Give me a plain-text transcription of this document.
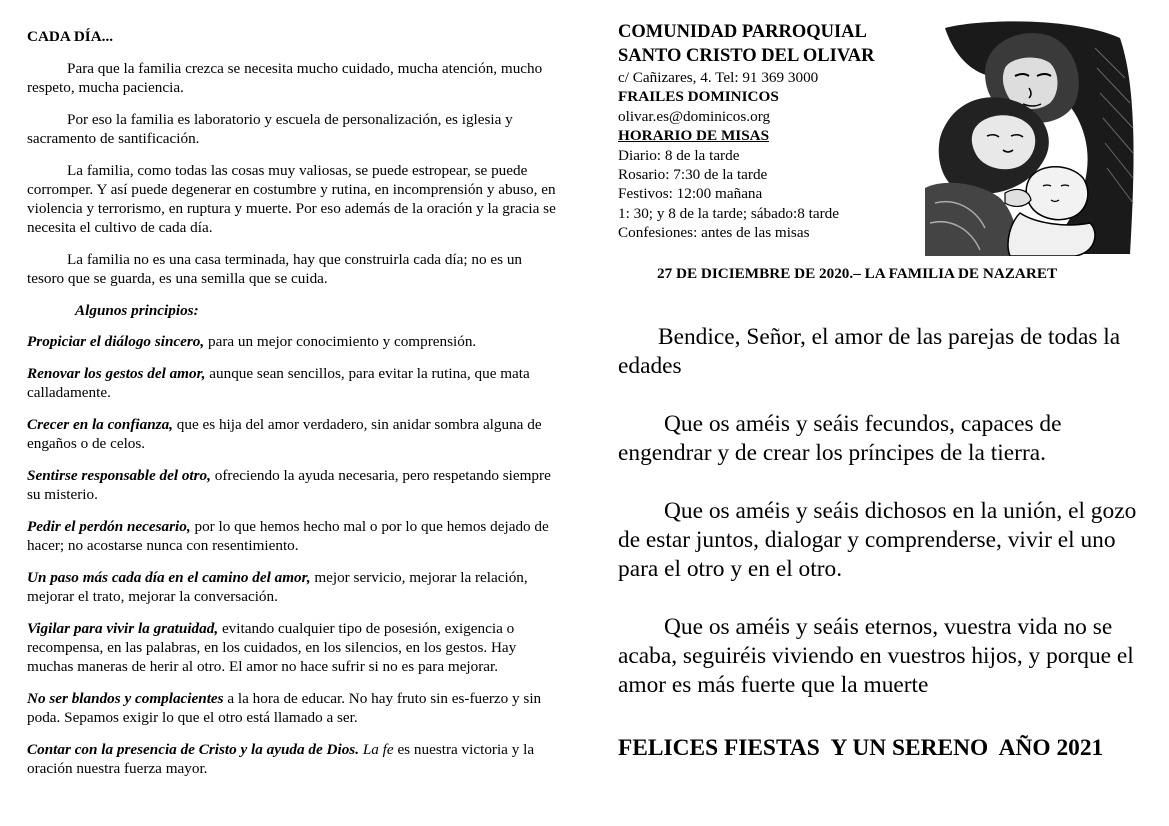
CADA DÍA...

Para que la familia crezca se necesita mucho cuidado, mucha atención, mucho respeto, mucha paciencia.

Por eso la familia es laboratorio y escuela de personalización, es iglesia y sacramento de santificación.

La familia, como todas las cosas muy valiosas, se puede estropear, se puede corromper. Y así puede degenerar en costumbre y rutina, en incomprensión y abuso, en violencia y terrorismo, en ruptura y muerte. Por eso además de la oración y la gracia se necesita el cultivo de cada día.

La familia no es una casa terminada, hay que construirla cada día; no es un tesoro que se guarda, es una semilla que se cuida.

Algunos principios:

Propiciar el diálogo sincero, para un mejor conocimiento y comprensión.

Renovar los gestos del amor, aunque sean sencillos, para evitar la rutina, que mata calladamente.

Crecer en la confianza, que es hija del amor verdadero, sin anidar sombra alguna de engaños o de celos.

Sentirse responsable del otro, ofreciendo la ayuda necesaria, pero respetando siempre su misterio.

Pedir el perdón necesario, por lo que hemos hecho mal o por lo que hemos dejado de hacer; no acostarse nunca con resentimiento.

Un paso más cada día en el camino del amor, mejor servicio, mejorar la relación, mejorar el trato, mejorar la conversación.

Vigilar para vivir la gratuidad, evitando cualquier tipo de posesión, exigencia o recompensa, en las palabras, en los cuidados, en los silencios, en los gestos. Hay muchas maneras de herir al otro. El amor no hace sufrir si no es para mejorar.

No ser blandos y complacientes a la hora de educar. No hay fruto sin es-fuerzo y sin poda. Sepamos exigir lo que el otro está llamado a ser.

Contar con la presencia de Cristo y la ayuda de Dios. La fe es nuestra victoria y la oración nuestra fuerza mayor.

COMUNIDAD PARROQUIAL
SANTO CRISTO DEL OLIVAR
c/ Cañizares, 4. Tel: 91 369 3000
FRAILES DOMINICOS
olivar.es@dominicos.org
HORARIO DE MISAS
Diario: 8 de la tarde
Rosario: 7:30 de la tarde
Festivos: 12:00 mañana
1: 30; y 8 de la tarde; sábado:8 tarde
Confesiones: antes de las misas
27 DE DICIEMBRE DE 2020.– LA FAMILIA DE NAZARET

Bendice, Señor, el amor de las parejas de todas la edades

Que os améis y seáis fecundos, capaces de engendrar y de crear los príncipes de la tierra.

Que os améis y seáis dichosos en la unión, el gozo de estar juntos, dialogar y comprenderse, vivir el uno para el otro y en el otro.

Que os améis y seáis eternos, vuestra vida no se acaba, seguiréis viviendo en vuestros hijos, y porque el amor es más fuerte que la muerte

FELICES FIESTAS  Y UN SERENO  AÑO 2021
